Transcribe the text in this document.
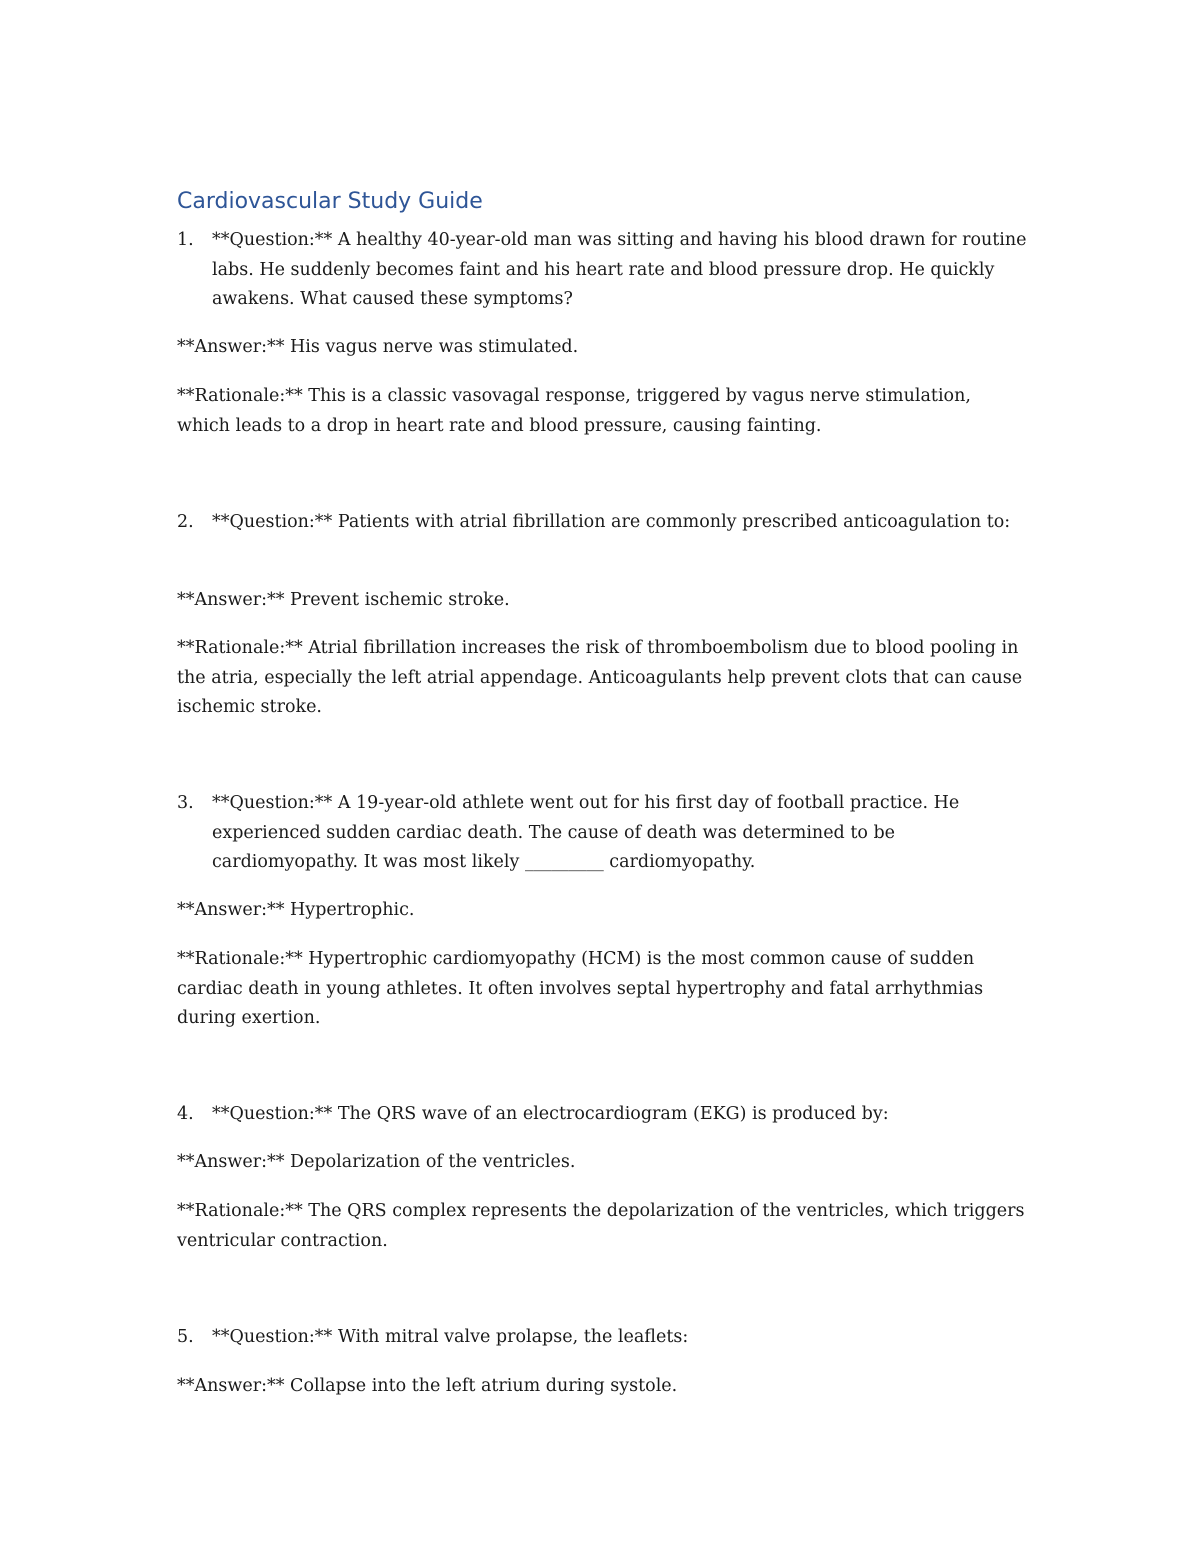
Cardiovascular Study Guide
1. **Question:** A healthy 40-year-old man was sitting and having his blood drawn for routine labs. He suddenly becomes faint and his heart rate and blood pressure drop. He quickly awakens. What caused these symptoms?
**Answer:** His vagus nerve was stimulated.
**Rationale:** This is a classic vasovagal response, triggered by vagus nerve stimulation, which leads to a drop in heart rate and blood pressure, causing fainting.
2. **Question:** Patients with atrial fibrillation are commonly prescribed anticoagulation to:
**Answer:** Prevent ischemic stroke.
**Rationale:** Atrial fibrillation increases the risk of thromboembolism due to blood pooling in the atria, especially the left atrial appendage. Anticoagulants help prevent clots that can cause ischemic stroke.
3. **Question:** A 19-year-old athlete went out for his first day of football practice. He experienced sudden cardiac death. The cause of death was determined to be cardiomyopathy. It was most likely _________ cardiomyopathy.
**Answer:** Hypertrophic.
**Rationale:** Hypertrophic cardiomyopathy (HCM) is the most common cause of sudden cardiac death in young athletes. It often involves septal hypertrophy and fatal arrhythmias during exertion.
4. **Question:** The QRS wave of an electrocardiogram (EKG) is produced by:
**Answer:** Depolarization of the ventricles.
**Rationale:** The QRS complex represents the depolarization of the ventricles, which triggers ventricular contraction.
5. **Question:** With mitral valve prolapse, the leaflets:
**Answer:** Collapse into the left atrium during systole.
